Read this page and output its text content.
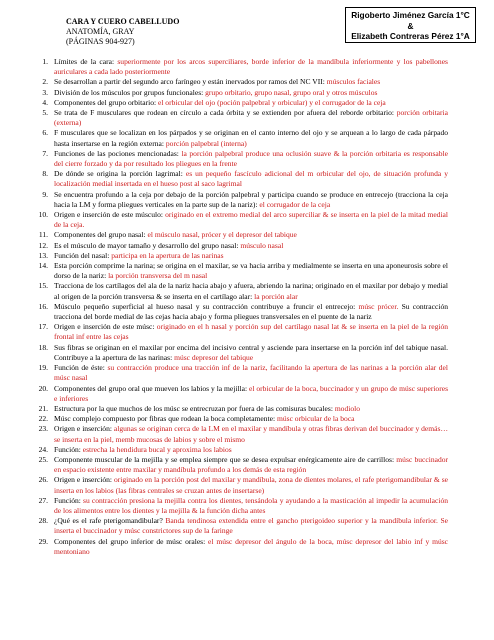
CARA Y CUERO CABELLUDO
ANATOMÍA, GRAY
(PÁGINAS 904-927)
Rigoberto Jiménez García 1°C
&
Elizabeth Contreras Pérez 1°A
1. Límites de la cara: superiormente por los arcos superciliares, borde inferior de la mandíbula inferiormente y los pabellones auriculares a cada lado posteriormente
2. Se desarrollan a partir del segundo arco faríngeo y están inervados por ramos del NC VII: músculos faciales
3. División de los músculos por grupos funcionales: grupo orbitario, grupo nasal, grupo oral y otros músculos
4. Componentes del grupo orbitario: el orbicular del ojo (poción palpebral y orbicular) y el corrugador de la ceja
5. Se trata de F musculares que rodean en círculo a cada órbita y se extienden por afuera del reborde orbitario: porción orbitaria (externa)
6. F musculares que se localizan en los párpados y se originan en el canto interno del ojo y se arquean a lo largo de cada párpado hasta insertarse en la región externa: porción palpebral (interna)
7. Funciones de las pociones mencionadas: la porción palpebral produce una oclusión suave & la porción orbitaria es responsable del cierre forzado y da por resultado los pliegues en la frente
8. De dónde se origina la porción lagrimal: es un pequeño fascículo adicional del m orbicular del ojo, de situación profunda y localización medial insertada en el hueso post al saco lagrimal
9. Se encuentra profundo a la ceja por debajo de la porción palpebral y participa cuando se produce en entrecejo (tracciona la ceja hacia la LM y forma pliegues verticales en la parte sup de la nariz): el corrugador de la ceja
10. Origen e inserción de este músculo: originado en el extremo medial del arco superciliar & se inserta en la piel de la mitad medial de la ceja.
11. Componentes del grupo nasal: el músculo nasal, prócer y el depresor del tabique
12. Es el músculo de mayor tamaño y desarrollo del grupo nasal: músculo nasal
13. Función del nasal: participa en la apertura de las narinas
14. Esta porción comprime la narina; se origina en el maxilar, se va hacia arriba y medialmente se inserta en una aponeurosis sobre el dorso de la nariz: la porción transversa del m nasal
15. Tracciona de los cartílagos del ala de la nariz hacia abajo y afuera, abriendo la narina; originado en el maxilar por debajo y medial al origen de la porción transversa & se inserta en el cartílago alar: la porción alar
16. Músculo pequeño superficial al hueso nasal y su contracción contribuye a fruncir el entrecejo: músc prócer. Su contracción tracciona del borde medial de las cejas hacia abajo y forma pliegues transversales en el puente de la nariz
17. Origen e inserción de este músc: originado en el h nasal y porción sup del cartílago nasal lat & se inserta en la piel de la región frontal inf entre las cejas
18. Sus fibras se originan en el maxilar por encima del incisivo central y asciende para insertarse en la porción inf del tabique nasal. Contribuye a la apertura de las narinas: músc depresor del tabique
19. Función de éste: su contracción produce una tracción inf de la nariz, facilitando la apertura de las narinas a la porción alar del músc nasal
20. Componentes del grupo oral que mueven los labios y la mejilla: el orbicular de la boca, buccinador y un grupo de músc superiores e inferiores
21. Estructura por la que muchos de los músc se entrecruzan por fuera de las comisuras bucales: modiolo
22. Músc complejo compuesto por fibras que rodean la boca completamente: músc orbicular de la boca
23. Origen e inserción: algunas se originan cerca de la LM en el maxilar y mandíbula y otras fibras derivan del buccinador y demás… se inserta en la piel, memb mucosas de labios y sobre el mismo
24. Función: estrecha la hendidura bucal y aproxima los labios
25. Componente muscular de la mejilla y se emplea siempre que se desea expulsar enérgicamente aire de carrillos: músc buccinador en espacio existente entre maxilar y mandíbula profundo a los demás de esta región
26. Origen e inserción: originado en la porción post del maxilar y mandíbula, zona de dientes molares, el rafe pterigomandibular & se inserta en los labios (las fibras centrales se cruzan antes de insertarse)
27. Función: su contracción presiona la mejilla contra los dientes, tensándola y ayudando a la masticación al impedir la acumulación de los alimentos entre los dientes y la mejilla & la función dicha antes
28. ¿Qué es el rafe pterigomandibular? Banda tendinosa extendida entre el gancho pterigoideo superior y la mandíbula inferior. Se inserta el buccinador y músc constrictores sup de la faringe
29. Componentes del grupo inferior de músc orales: el músc depresor del ángulo de la boca, músc depresor del labio inf y músc mentoniano
